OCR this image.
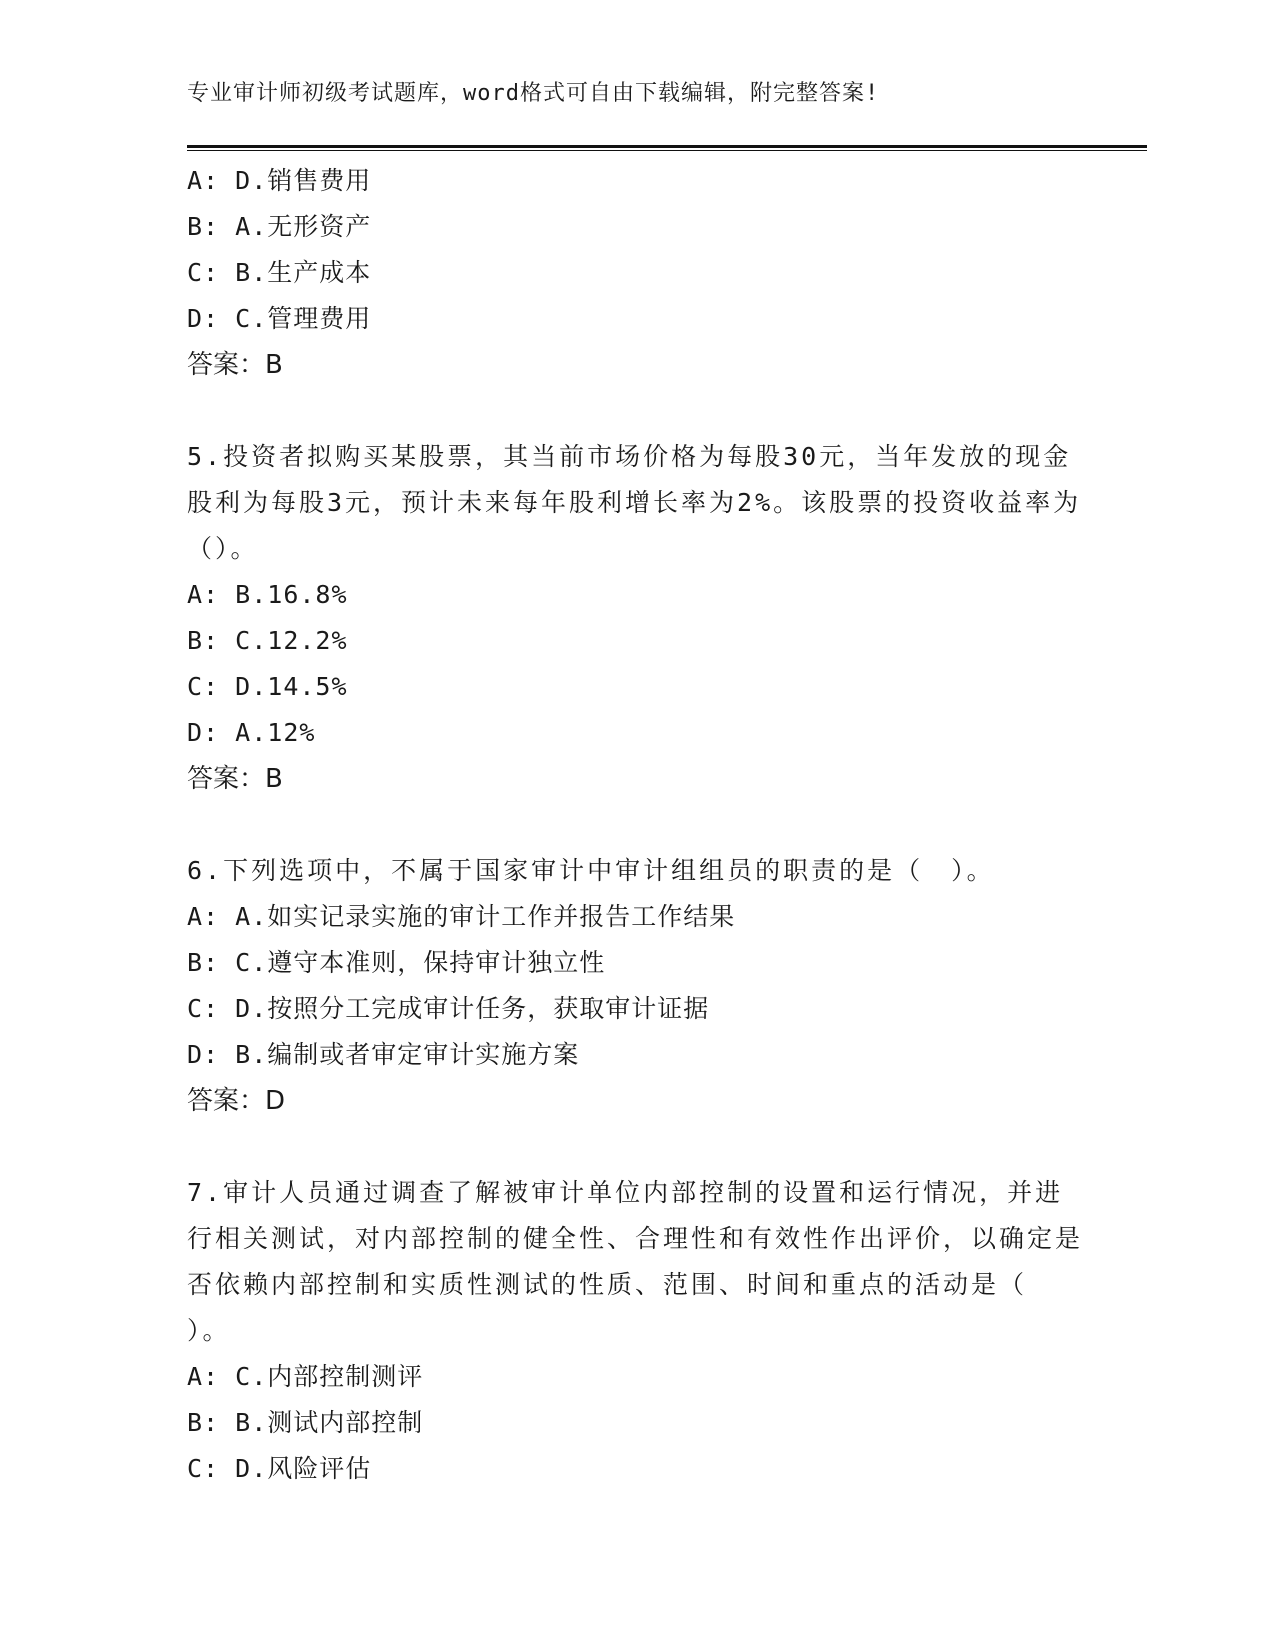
专业审计师初级考试题库，word格式可自由下载编辑，附完整答案!
A: D.销售费用
B: A.无形资产
C: B.生产成本
D: C.管理费用
答案：B
5.投资者拟购买某股票，其当前市场价格为每股30元，当年发放的现金股利为每股3元，预计未来每年股利增长率为2%。该股票的投资收益率为（）。
A: B.16.8%
B: C.12.2%
C: D.14.5%
D: A.12%
答案：B
6.下列选项中，不属于国家审计中审计组组员的职责的是（　）。
A: A.如实记录实施的审计工作并报告工作结果
B: C.遵守本准则，保持审计独立性
C: D.按照分工完成审计任务，获取审计证据
D: B.编制或者审定审计实施方案
答案：D
7.审计人员通过调查了解被审计单位内部控制的设置和运行情况，并进行相关测试，对内部控制的健全性、合理性和有效性作出评价，以确定是否依赖内部控制和实质性测试的性质、范围、时间和重点的活动是（　　）。
A: C.内部控制测评
B: B.测试内部控制
C: D.风险评估
